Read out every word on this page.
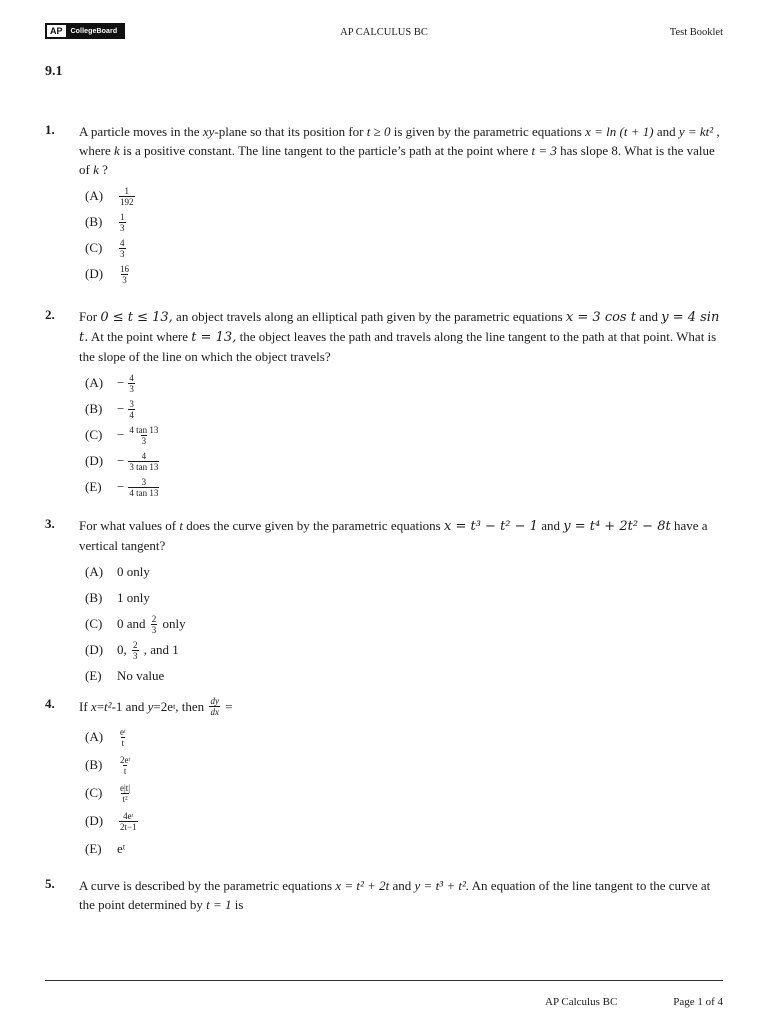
AP	CollegeBoard	AP CALCULUS BC	Test Booklet
9.1
1. A particle moves in the xy-plane so that its position for t ≥ 0 is given by the parametric equations x = ln (t + 1) and y = kt² , where k is a positive constant. The line tangent to the particle’s path at the point where t = 3 has slope 8. What is the value of k ?
(A)	$\frac{1}{192}$
(B)	$\frac{1}{3}$
(C)	$\frac{4}{3}$
(D)	$\frac{16}{3}$
2. For 0 ≤ t ≤ 13, an object travels along an elliptical path given by the parametric equations x = 3 cos t and y = 4 sin t. At the point where t = 13, the object leaves the path and travels along the line tangent to the path at that point. What is the slope of the line on which the object travels?
(A)	− $\frac{4}{3}$
(B)	− $\frac{3}{4}$
(C)	− $\frac{4 \tan 13}{3}$
(D)	− $\frac{4}{3 \tan 13}$
(E)	− $\frac{3}{4 \tan 13}$
3. For what values of t does the curve given by the parametric equations x = t³ − t² − 1 and y = t⁴ + 2t² − 8t have a vertical tangent?
(A)	0 only
(B)	1 only
(C)	0 and $\frac{2}{3}$ only
(D)	0, $\frac{2}{3}$ , and 1
(E)	No value
4. If x = t² -1 and y =2e t , then $\frac{dy}{dx}$ =
(A)	$\frac{\text{eᵗ}}{t}$
(B)	$\frac{\text{2eᵗ}}{t}$
(C)	$\frac{e|t|}{\text{t²}}$
(D)	$\frac{\text{4eᵗ}}{2t-1}$
(E)	eᵗ
5. A curve is described by the parametric equations x = t² + 2t and y = t³ + t². An equation of the line tangent to the curve at the point determined by t = 1 is
AP Calculus BC	Page 1 of 4
